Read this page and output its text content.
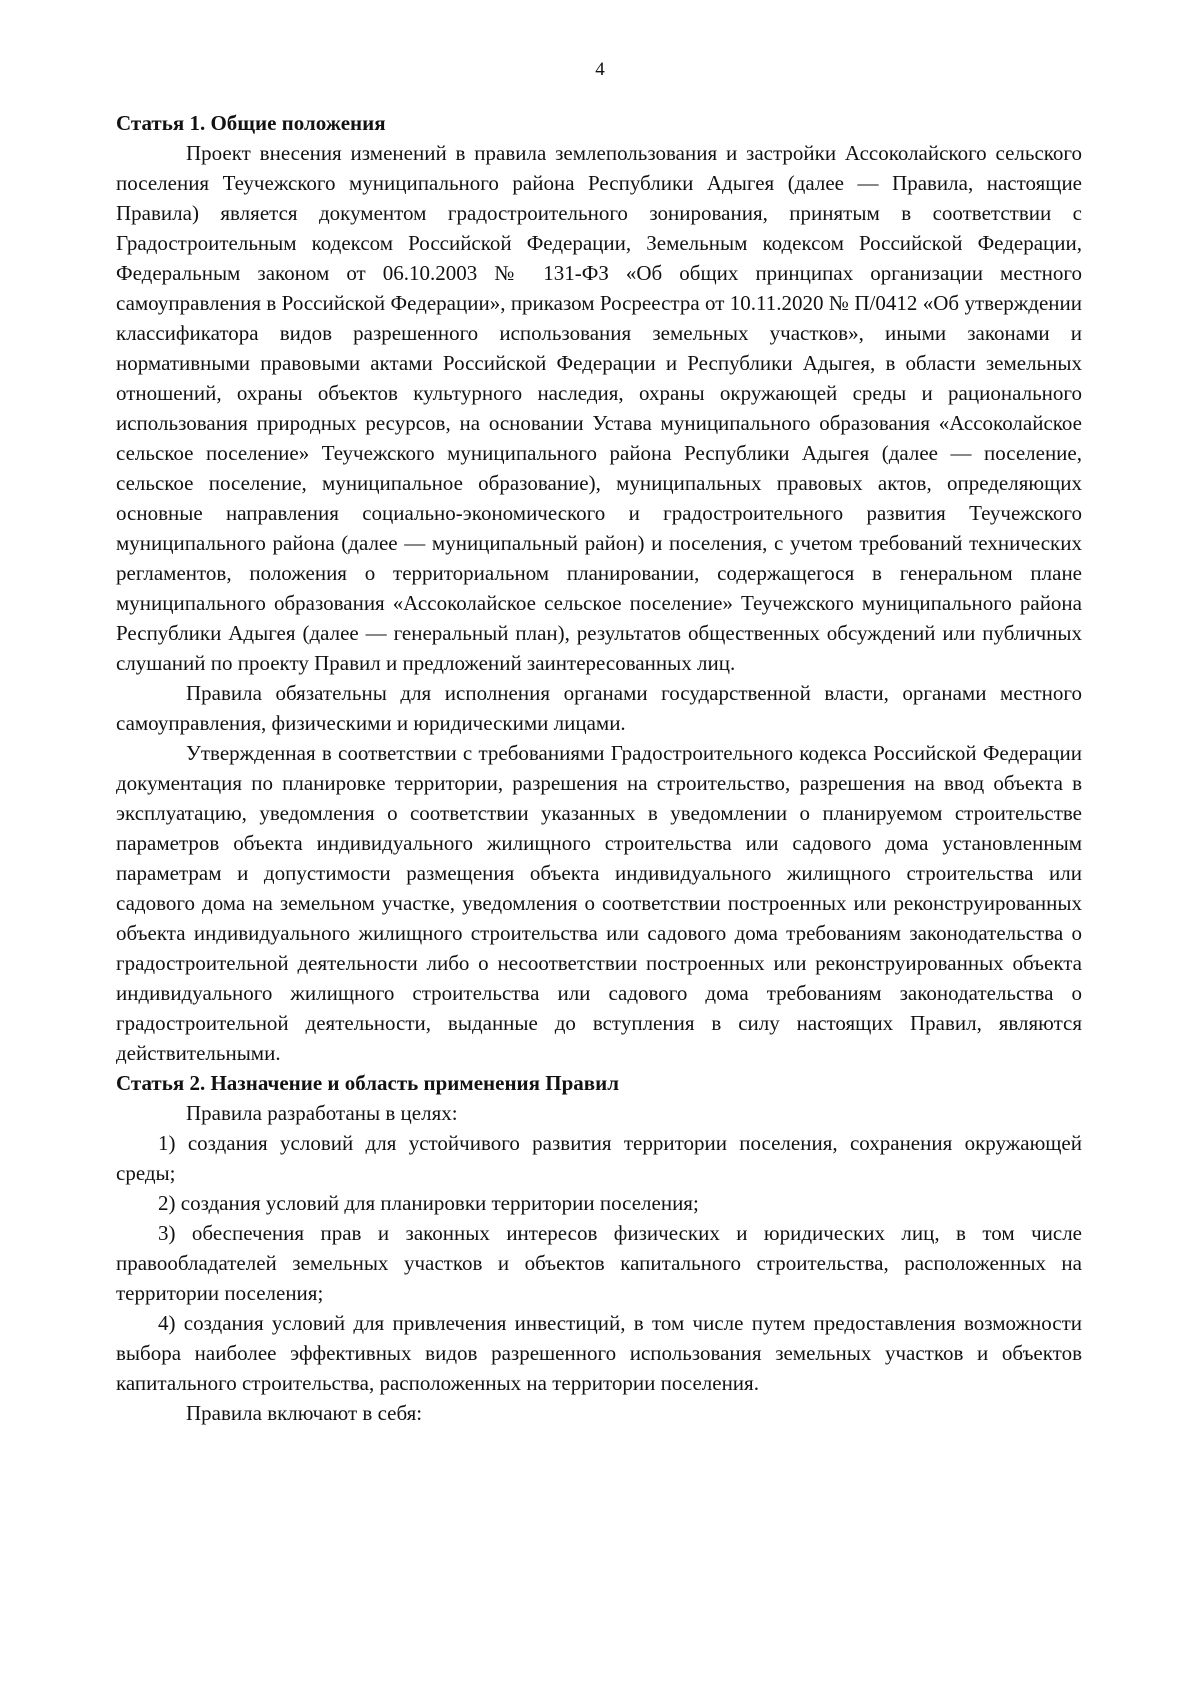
4

Статья 1. Общие положения

Проект внесения изменений в правила землепользования и застройки Ассоколайского сельского поселения Теучежского муниципального района Республики Адыгея (далее — Правила, настоящие Правила) является документом градостроительного зонирования, принятым в соответствии с Градостроительным кодексом Российской Федерации, Земельным кодексом Российской Федерации, Федеральным законом от 06.10.2003 № 131-ФЗ «Об общих принципах организации местного самоуправления в Российской Федерации», приказом Росреестра от 10.11.2020 № П/0412 «Об утверждении классификатора видов разрешенного использования земельных участков», иными законами и нормативными правовыми актами Российской Федерации и Республики Адыгея, в области земельных отношений, охраны объектов культурного наследия, охраны окружающей среды и рационального использования природных ресурсов, на основании Устава муниципального образования «Ассоколайское сельское поселение» Теучежского муниципального района Республики Адыгея (далее — поселение, сельское поселение, муниципальное образование), муниципальных правовых актов, определяющих основные направления социально-экономического и градостроительного развития Теучежского муниципального района (далее — муниципальный район) и поселения, с учетом требований технических регламентов, положения о территориальном планировании, содержащегося в генеральном плане муниципального образования «Ассоколайское сельское поселение» Теучежского муниципального района Республики Адыгея (далее — генеральный план), результатов общественных обсуждений или публичных слушаний по проекту Правил и предложений заинтересованных лиц.

Правила обязательны для исполнения органами государственной власти, органами местного самоуправления, физическими и юридическими лицами.

Утвержденная в соответствии с требованиями Градостроительного кодекса Российской Федерации документация по планировке территории, разрешения на строительство, разрешения на ввод объекта в эксплуатацию, уведомления о соответствии указанных в уведомлении о планируемом строительстве параметров объекта индивидуального жилищного строительства или садового дома установленным параметрам и допустимости размещения объекта индивидуального жилищного строительства или садового дома на земельном участке, уведомления о соответствии построенных или реконструированных объекта индивидуального жилищного строительства или садового дома требованиям законодательства о градостроительной деятельности либо о несоответствии построенных или реконструированных объекта индивидуального жилищного строительства или садового дома требованиям законодательства о градостроительной деятельности, выданные до вступления в силу настоящих Правил, являются действительными.

Статья 2. Назначение и область применения Правил

Правила разработаны в целях:

1) создания условий для устойчивого развития территории поселения, сохранения окружающей среды;

2) создания условий для планировки территории поселения;

3) обеспечения прав и законных интересов физических и юридических лиц, в том числе правообладателей земельных участков и объектов капитального строительства, расположенных на территории поселения;

4) создания условий для привлечения инвестиций, в том числе путем предоставления возможности выбора наиболее эффективных видов разрешенного использования земельных участков и объектов капитального строительства, расположенных на территории поселения.

Правила включают в себя:
